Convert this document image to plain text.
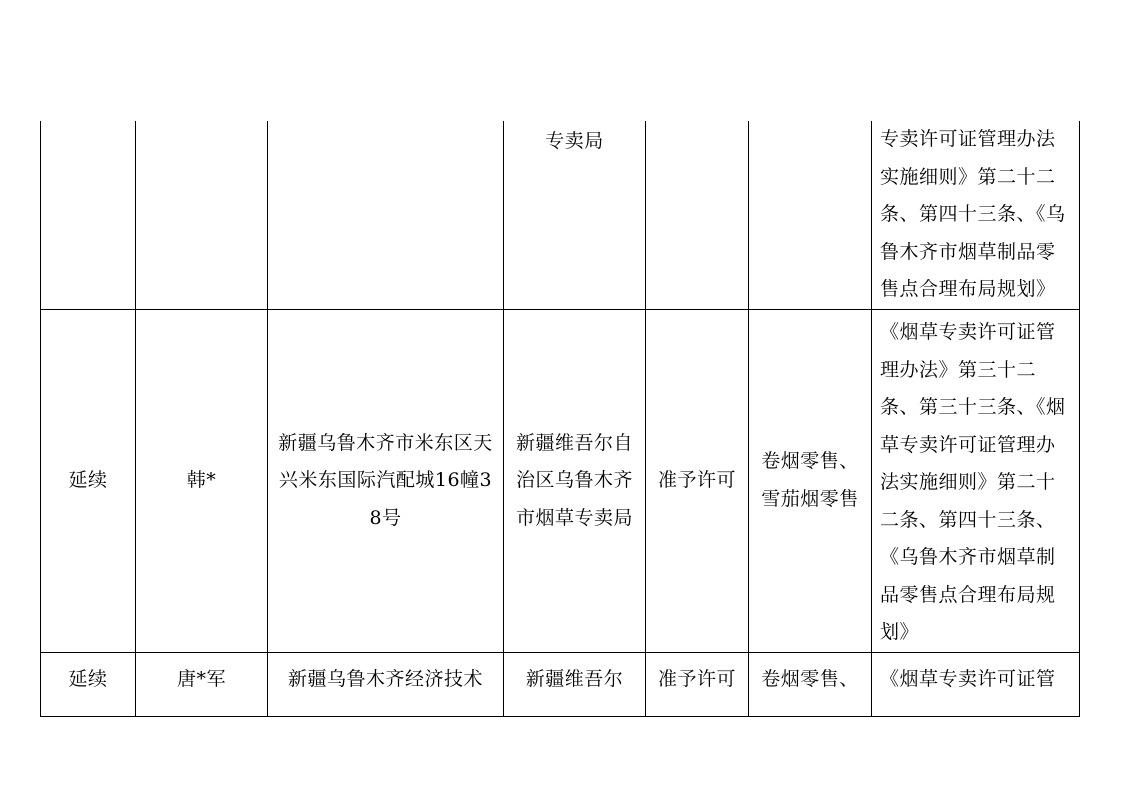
			专卖局			专卖许可证管理办法实施细则》第二十二条、第四十三条、《乌鲁木齐市烟草制品零售点合理布局规划》

延续	韩*	新疆乌鲁木齐市米东区天兴米东国际汽配城16幢38号	新疆维吾尔自治区乌鲁木齐市烟草专卖局	准予许可	卷烟零售、雪茄烟零售	《烟草专卖许可证管理办法》第三十二条、第三十三条、《烟草专卖许可证管理办法实施细则》第二十二条、第四十三条、《乌鲁木齐市烟草制品零售点合理布局规划》

延续	唐*军	新疆乌鲁木齐经济技术	新疆维吾尔	准予许可	卷烟零售、	《烟草专卖许可证管
